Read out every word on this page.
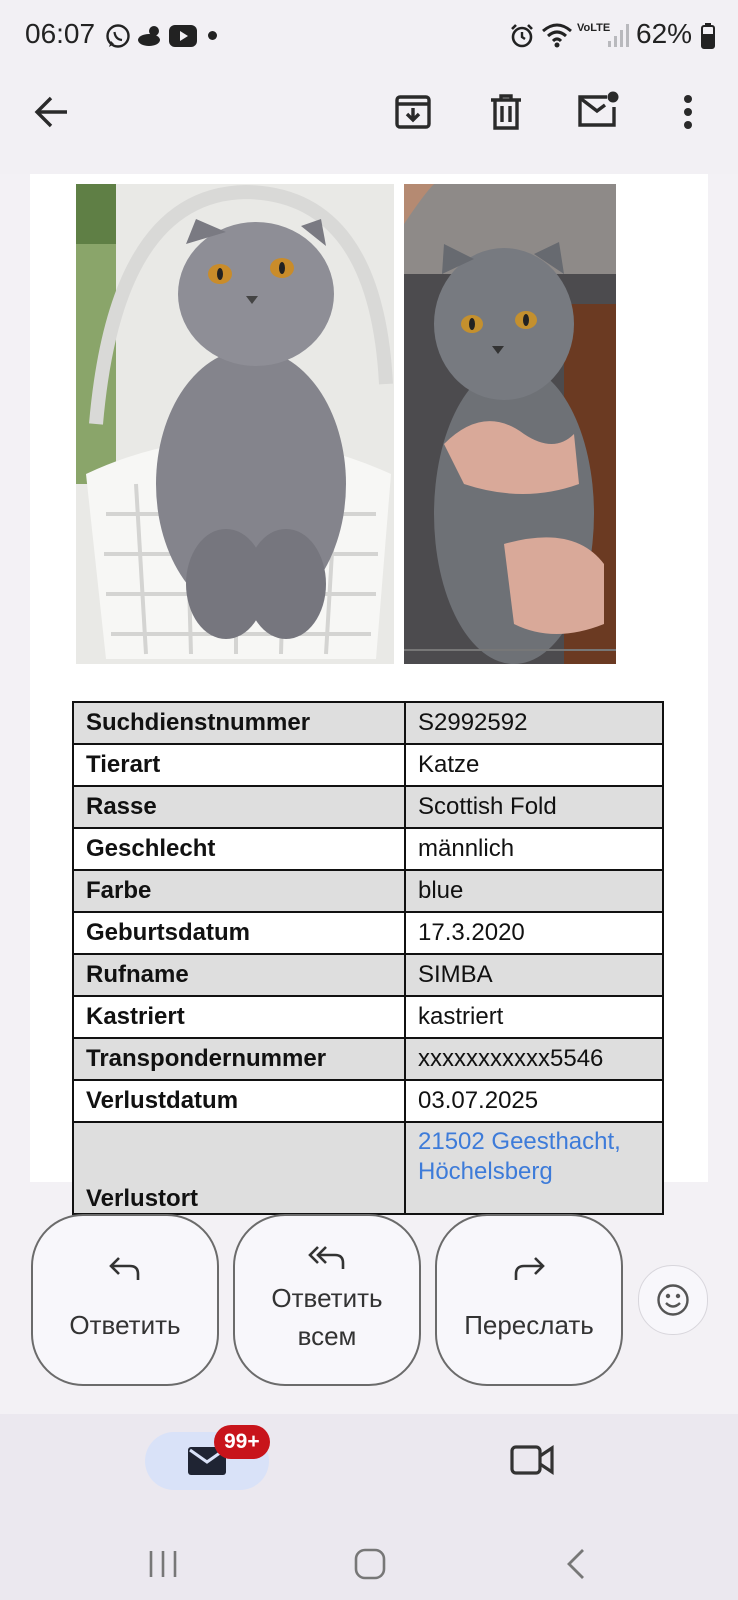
06:07	VoLTE 62%
Suchdienstnummer	S2992592
Tierart	Katze
Rasse	Scottish Fold
Geschlecht	männlich
Farbe	blue
Geburtsdatum	17.3.2020
Rufname	SIMBA
Kastriert	kastriert
Transpondernummer	xxxxxxxxxxx5546
Verlustdatum	03.07.2025
Verlustort	21502 Geesthacht,
Höchelsberg
Ответить
Ответить
всем	Переслать
99+
